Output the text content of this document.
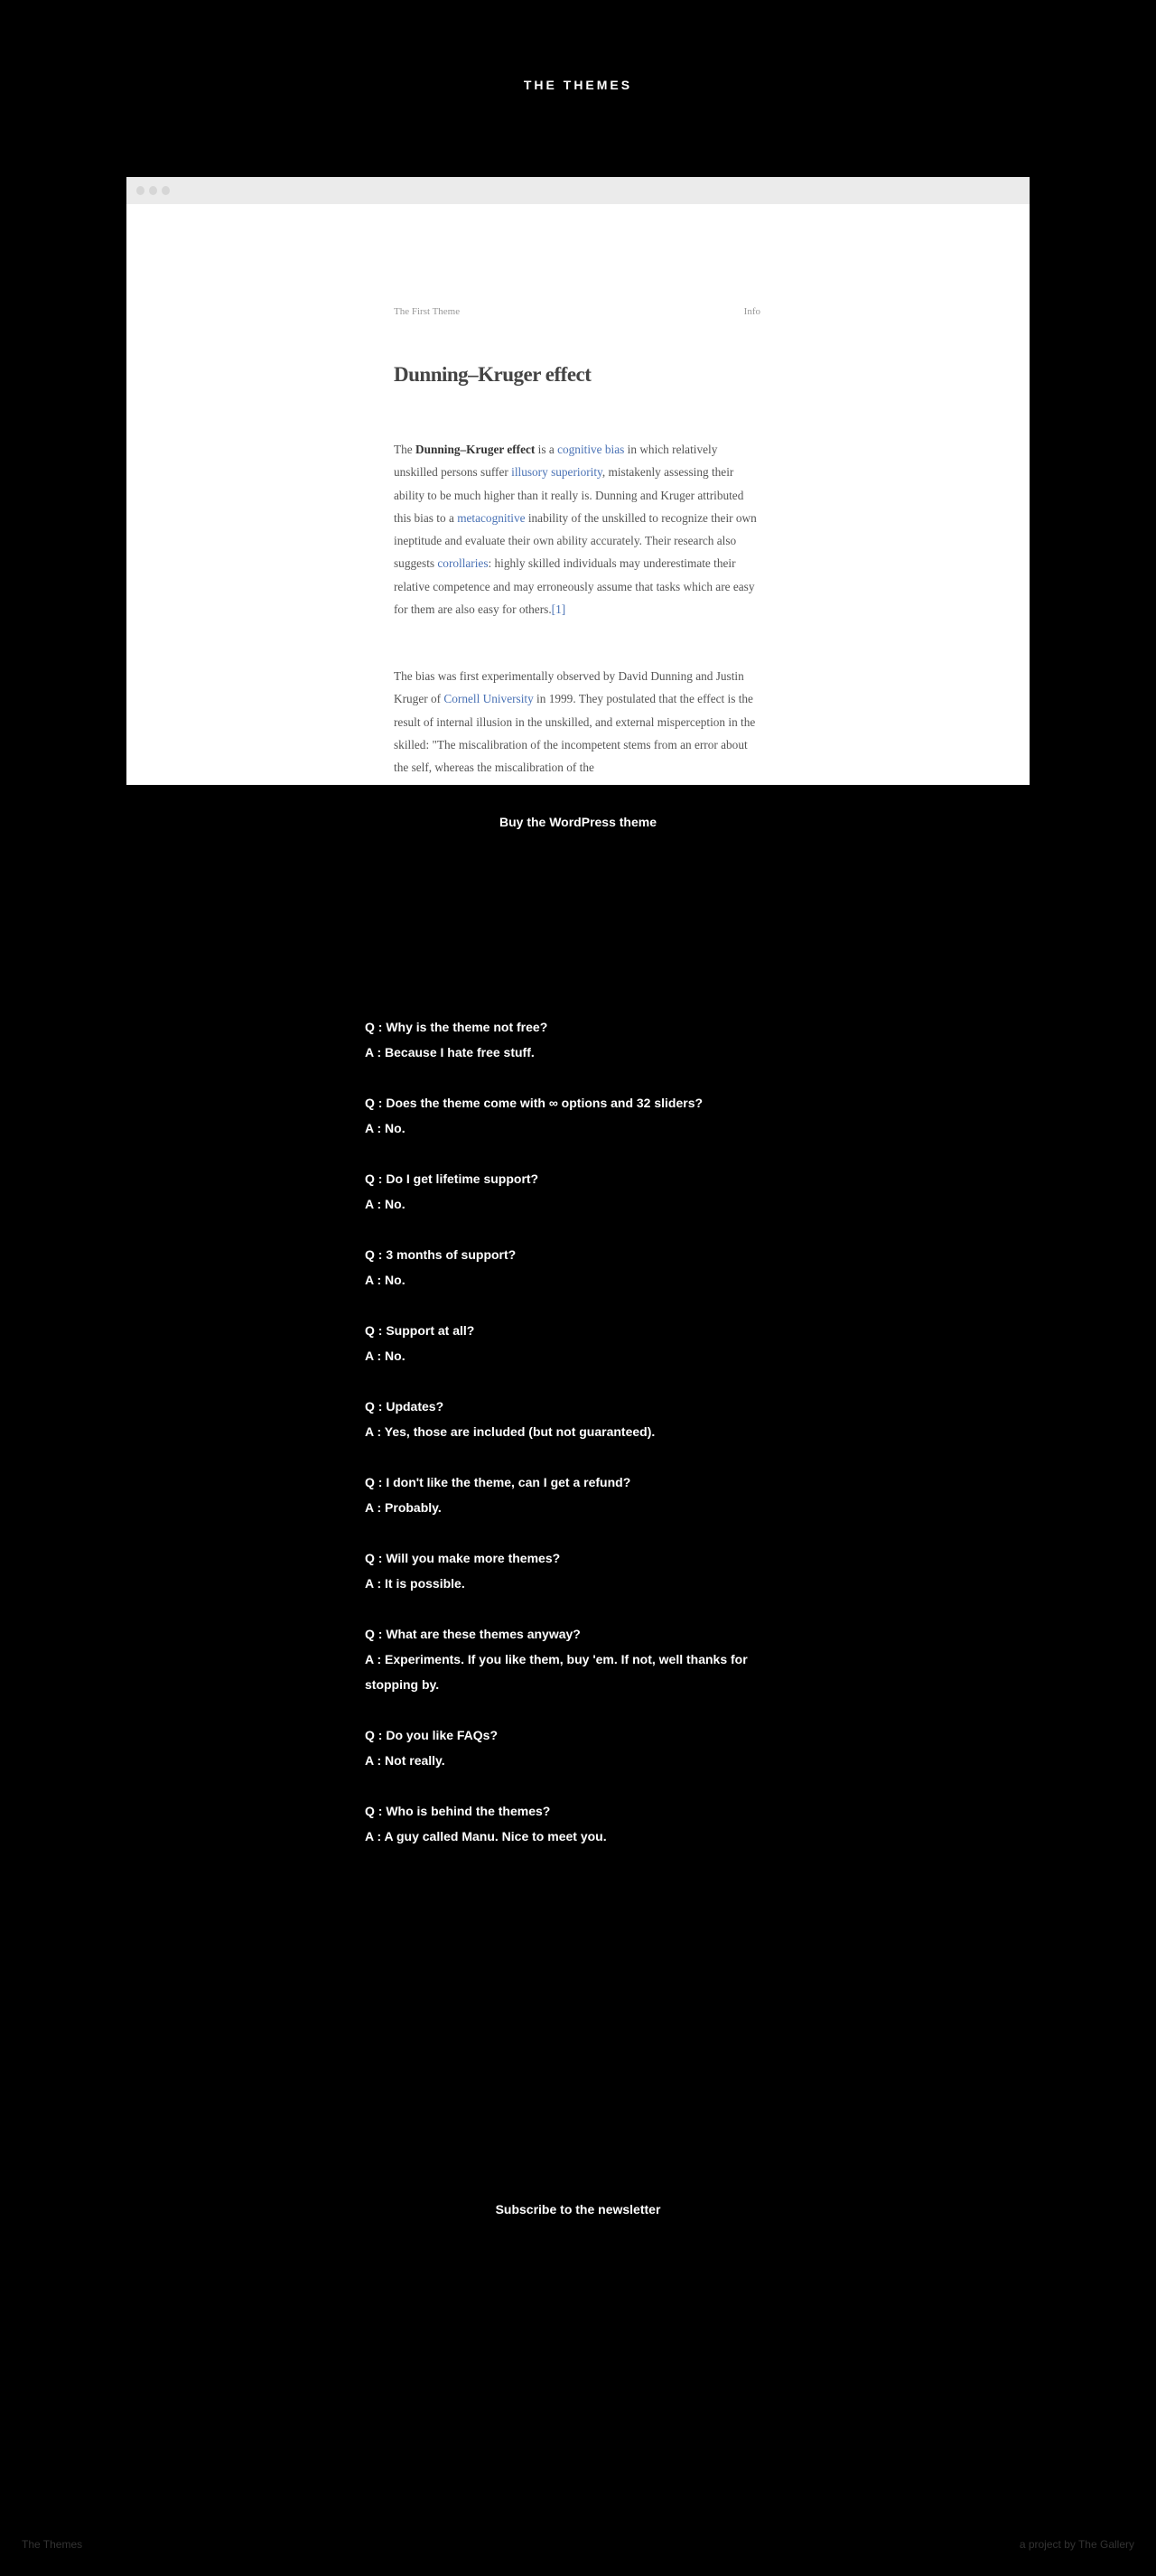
THE THEMES
The First Theme	Info
Dunning–Kruger effect

The Dunning–Kruger effect is a cognitive bias in which relatively unskilled persons suffer illusory superiority, mistakenly assessing their ability to be much higher than it really is. Dunning and Kruger attributed this bias to a metacognitive inability of the unskilled to recognize their own ineptitude and evaluate their own ability accurately. Their research also suggests corollaries: highly skilled individuals may underestimate their relative competence and may erroneously assume that tasks which are easy for them are also easy for others.[1]

The bias was first experimentally observed by David Dunning and Justin Kruger of Cornell University in 1999. They postulated that the effect is the result of internal illusion in the unskilled, and external misperception in the skilled: "The miscalibration of the incompetent stems from an error about the self, whereas the miscalibration of the

Buy the WordPress theme
Q : Why is the theme not free?
A : Because I hate free stuff.
Q : Does the theme come with ∞ options and 32 sliders?
A : No.
Q : Do I get lifetime support?
A : No.
Q : 3 months of support?
A : No.
Q : Support at all?
A : No.
Q : Updates?
A : Yes, those are included (but not guaranteed).
Q : I don't like the theme, can I get a refund?
A : Probably.
Q : Will you make more themes?
A : It is possible.
Q : What are these themes anyway?
A : Experiments. If you like them, buy 'em. If not, well thanks for stopping by.
Q : Do you like FAQs?
A : Not really.
Q : Who is behind the themes?
A : A guy called Manu. Nice to meet you.
Subscribe to the newsletter
The Themes	a project by The Gallery
